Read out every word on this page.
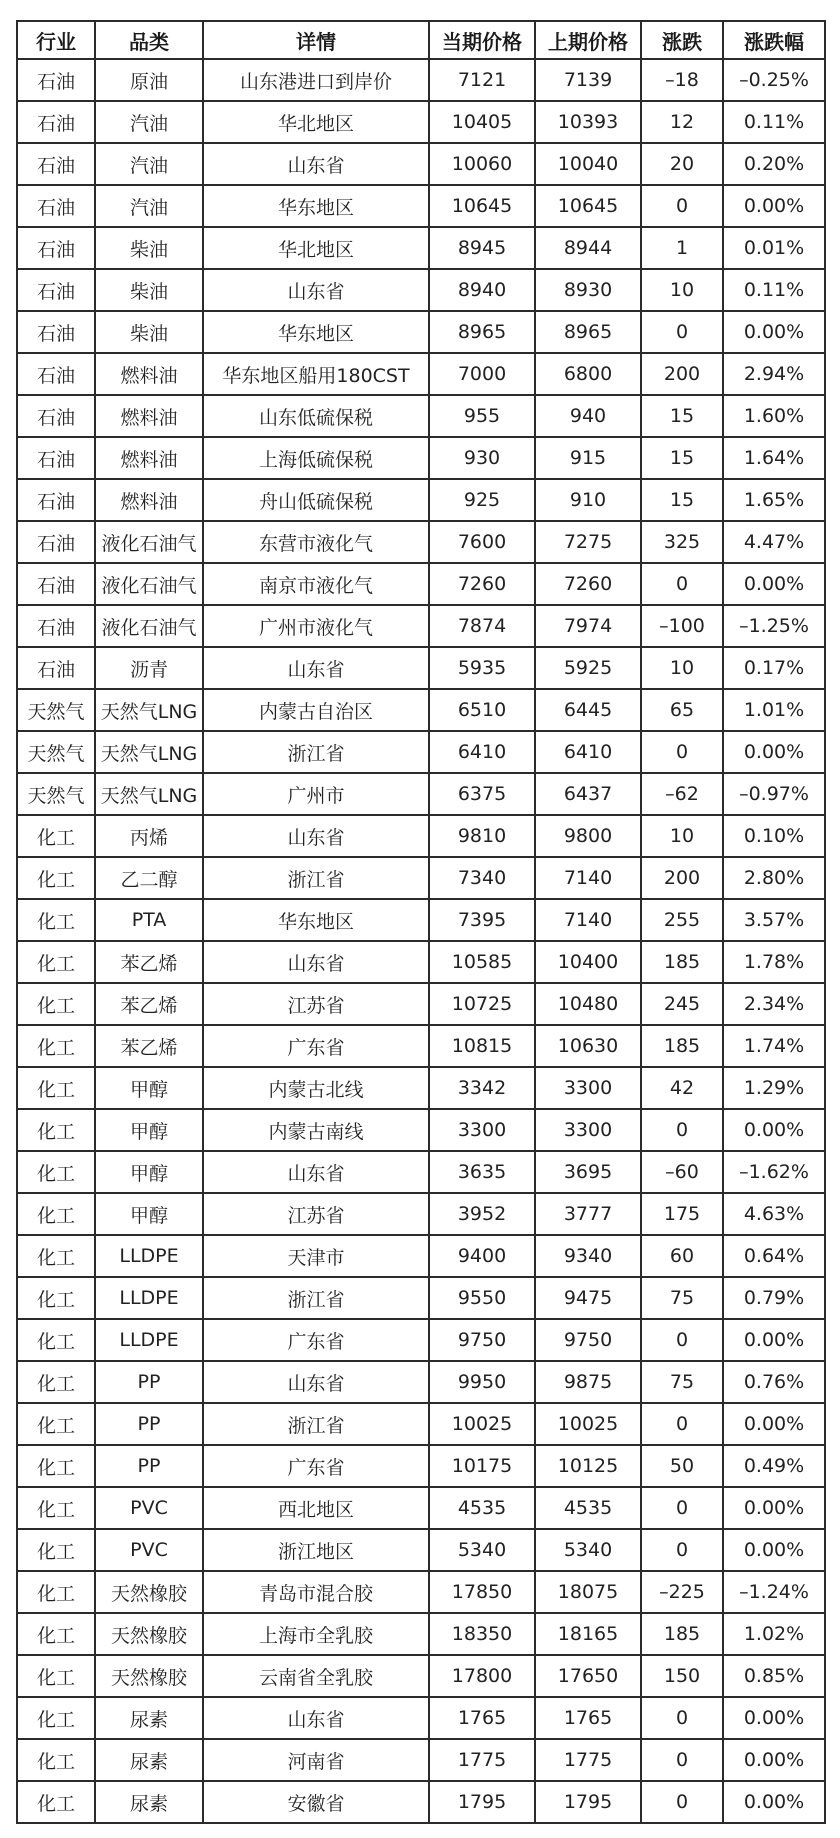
行业	品类	详情	当期价格	上期价格	涨跌	涨跌幅
石油	原油	山东港进口到岸价	7121	7139	–18	–0.25%
石油	汽油	华北地区	10405	10393	12	0.11%
石油	汽油	山东省	10060	10040	20	0.20%
石油	汽油	华东地区	10645	10645	0	0.00%
石油	柴油	华北地区	8945	8944	1	0.01%
石油	柴油	山东省	8940	8930	10	0.11%
石油	柴油	华东地区	8965	8965	0	0.00%
石油	燃料油	华东地区船用180CST	7000	6800	200	2.94%
石油	燃料油	山东低硫保税	955	940	15	1.60%
石油	燃料油	上海低硫保税	930	915	15	1.64%
石油	燃料油	舟山低硫保税	925	910	15	1.65%
石油	液化石油气	东营市液化气	7600	7275	325	4.47%
石油	液化石油气	南京市液化气	7260	7260	0	0.00%
石油	液化石油气	广州市液化气	7874	7974	–100	–1.25%
石油	沥青	山东省	5935	5925	10	0.17%
天然气	天然气LNG	内蒙古自治区	6510	6445	65	1.01%
天然气	天然气LNG	浙江省	6410	6410	0	0.00%
天然气	天然气LNG	广州市	6375	6437	–62	–0.97%
化工	丙烯	山东省	9810	9800	10	0.10%
化工	乙二醇	浙江省	7340	7140	200	2.80%
化工	PTA	华东地区	7395	7140	255	3.57%
化工	苯乙烯	山东省	10585	10400	185	1.78%
化工	苯乙烯	江苏省	10725	10480	245	2.34%
化工	苯乙烯	广东省	10815	10630	185	1.74%
化工	甲醇	内蒙古北线	3342	3300	42	1.29%
化工	甲醇	内蒙古南线	3300	3300	0	0.00%
化工	甲醇	山东省	3635	3695	–60	–1.62%
化工	甲醇	江苏省	3952	3777	175	4.63%
化工	LLDPE	天津市	9400	9340	60	0.64%
化工	LLDPE	浙江省	9550	9475	75	0.79%
化工	LLDPE	广东省	9750	9750	0	0.00%
化工	PP	山东省	9950	9875	75	0.76%
化工	PP	浙江省	10025	10025	0	0.00%
化工	PP	广东省	10175	10125	50	0.49%
化工	PVC	西北地区	4535	4535	0	0.00%
化工	PVC	浙江地区	5340	5340	0	0.00%
化工	天然橡胶	青岛市混合胶	17850	18075	–225	–1.24%
化工	天然橡胶	上海市全乳胶	18350	18165	185	1.02%
化工	天然橡胶	云南省全乳胶	17800	17650	150	0.85%
化工	尿素	山东省	1765	1765	0	0.00%
化工	尿素	河南省	1775	1775	0	0.00%
化工	尿素	安徽省	1795	1795	0	0.00%
